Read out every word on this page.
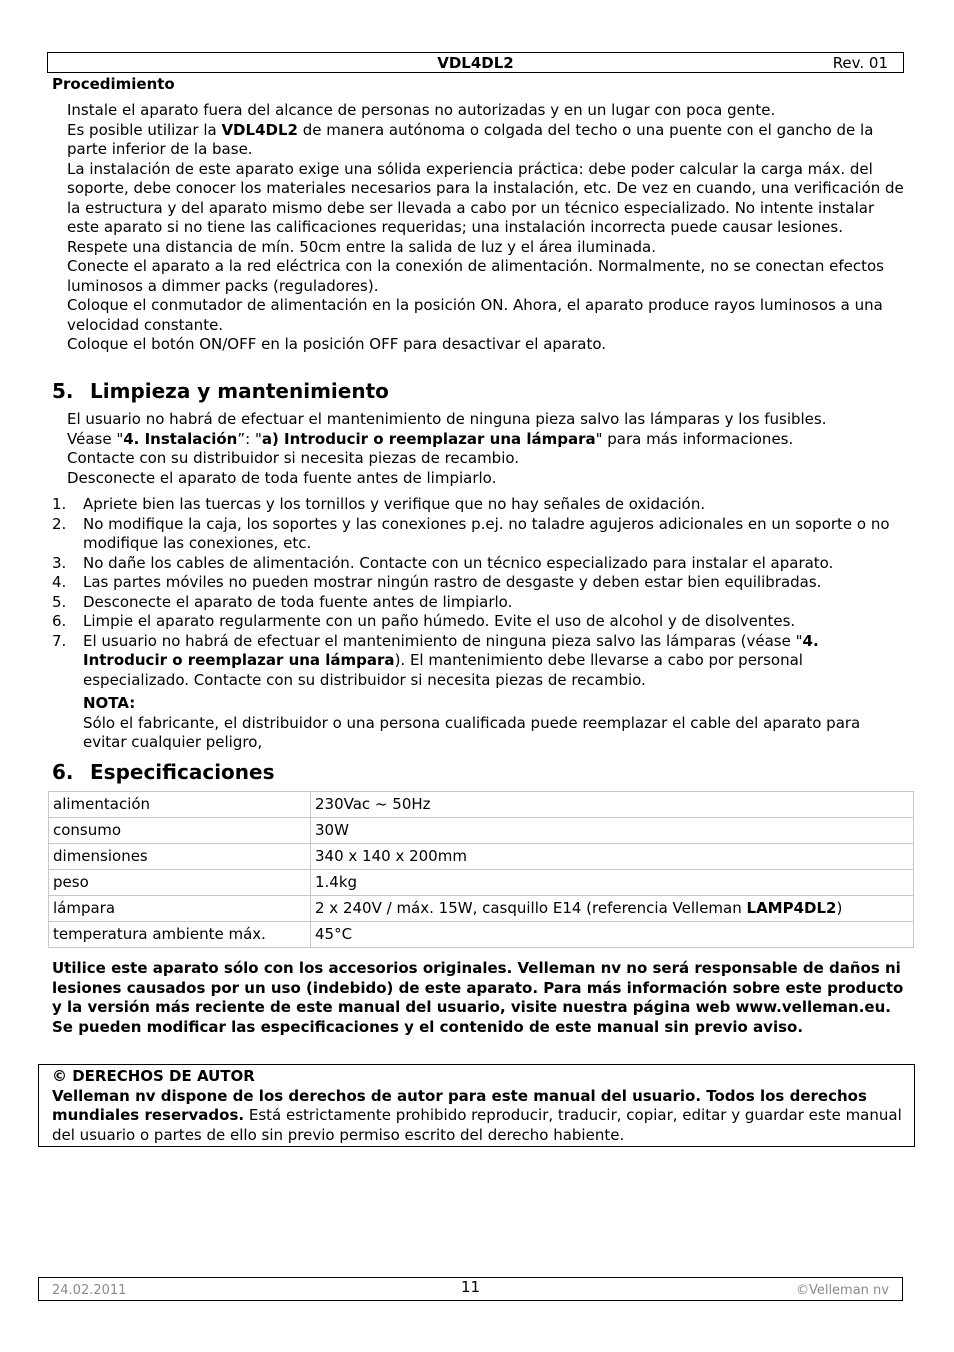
VDL4DL2	Rev. 01
Procedimiento

Instale el aparato fuera del alcance de personas no autorizadas y en un lugar con poca gente.

Es posible utilizar la VDL4DL2 de manera autónoma o colgada del techo o una puente con el gancho de la parte inferior de la base.

La instalación de este aparato exige una sólida experiencia práctica: debe poder calcular la carga máx. del soporte, debe conocer los materiales necesarios para la instalación, etc. De vez en cuando, una verificación de la estructura y del aparato mismo debe ser llevada a cabo por un técnico especializado. No intente instalar este aparato si no tiene las calificaciones requeridas; una instalación incorrecta puede causar lesiones.

Respete una distancia de mín. 50cm entre la salida de luz y el área iluminada.

Conecte el aparato a la red eléctrica con la conexión de alimentación. Normalmente, no se conectan efectos luminosos a dimmer packs (reguladores).

Coloque el conmutador de alimentación en la posición ON. Ahora, el aparato produce rayos luminosos a una velocidad constante.

Coloque el botón ON/OFF en la posición OFF para desactivar el aparato.

5. Limpieza y mantenimiento

El usuario no habrá de efectuar el mantenimiento de ninguna pieza salvo las lámparas y los fusibles.

Véase "4. Instalación”: "a) Introducir o reemplazar una lámpara" para más informaciones.

Contacte con su distribuidor si necesita piezas de recambio.

Desconecte el aparato de toda fuente antes de limpiarlo.

1. Apriete bien las tuercas y los tornillos y verifique que no hay señales de oxidación.
2. No modifique la caja, los soportes y las conexiones p.ej. no taladre agujeros adicionales en un soporte o no modifique las conexiones, etc.
3. No dañe los cables de alimentación. Contacte con un técnico especializado para instalar el aparato.
4. Las partes móviles no pueden mostrar ningún rastro de desgaste y deben estar bien equilibradas.
5. Desconecte el aparato de toda fuente antes de limpiarlo.
6. Limpie el aparato regularmente con un paño húmedo. Evite el uso de alcohol y de disolventes.
7. El usuario no habrá de efectuar el mantenimiento de ninguna pieza salvo las lámparas (véase "4. Introducir o reemplazar una lámpara). El mantenimiento debe llevarse a cabo por personal especializado. Contacte con su distribuidor si necesita piezas de recambio.
NOTA:
Sólo el fabricante, el distribuidor o una persona cualificada puede reemplazar el cable del aparato para evitar cualquier peligro,
6. Especificaciones
alimentación	230Vac ~ 50Hz
consumo	30W
dimensiones	340 x 140 x 200mm
peso	1.4kg
lámpara	2 x 240V / máx. 15W, casquillo E14 (referencia Velleman LAMP4DL2)
temperatura ambiente máx.	45°C
Utilice este aparato sólo con los accesorios originales. Velleman nv no será responsable de daños ni lesiones causados por un uso (indebido) de este aparato. Para más información sobre este producto y la versión más reciente de este manual del usuario, visite nuestra página web www.velleman.eu. Se pueden modificar las especificaciones y el contenido de este manual sin previo aviso.
© DERECHOS DE AUTOR
Velleman nv dispone de los derechos de autor para este manual del usuario. Todos los derechos mundiales reservados. Está estrictamente prohibido reproducir, traducir, copiar, editar y guardar este manual del usuario o partes de ello sin previo permiso escrito del derecho habiente.
24.02.2011	11	©Velleman nv
